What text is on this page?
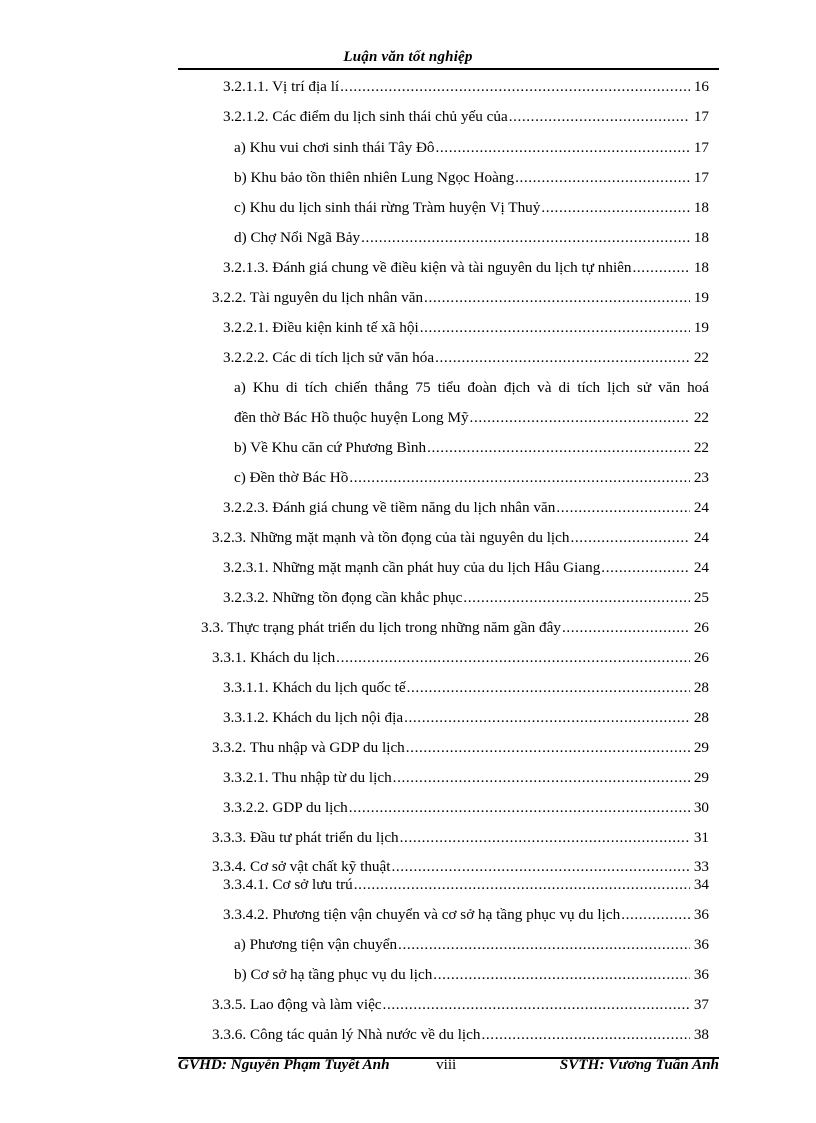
Luận văn tốt nghiệp
3.2.1.1. Vị trí địa lí .....	16
3.2.1.2. Các điểm du lịch sinh thái chủ yếu của .....	17
a) Khu vui chơi sinh thái Tây Đô .....	17
b) Khu bảo tồn thiên nhiên Lung Ngọc Hoàng .....	17
c) Khu du lịch sinh thái rừng Tràm huyện Vị Thuỷ .....	18
d) Chợ Nổi Ngã Bảy .....	18
3.2.1.3. Đánh giá chung về điều kiện và tài nguyên du lịch tự nhiên .....	18
3.2.2. Tài nguyên du lịch nhân văn .....	19
3.2.2.1. Điều kiện kinh tế xã hội .....	19
3.2.2.2. Các di tích lịch sử văn hóa .....	22
a) Khu di tích chiến thắng 75 tiểu đoàn địch và di tích lịch sử văn hoá
đền thờ Bác Hồ thuộc huyện Long Mỹ .....	22
b) Về Khu căn cứ Phương Bình .....	22
c) Đền thờ Bác Hồ .....	23
3.2.2.3. Đánh giá chung về tiềm năng du lịch nhân văn .....	24
3.2.3. Những mặt mạnh và tồn đọng của tài nguyên du lịch .....	24
3.2.3.1. Những mặt mạnh cần phát huy của du lịch Hâu Giang .....	24
3.2.3.2. Những tồn đọng cần khắc phục .....	25
3.3. Thực trạng phát triển du lịch trong những năm gần đây .....	26
3.3.1. Khách du lịch .....	26
3.3.1.1. Khách du lịch quốc tế .....	28
3.3.1.2. Khách du lịch nội địa .....	28
3.3.2. Thu nhập và GDP du lịch .....	29
3.3.2.1. Thu nhập từ du lịch .....	29
3.3.2.2. GDP du lịch .....	30
3.3.3. Đầu tư phát triển du lịch .....	31
3.3.4. Cơ sở vật chất kỹ thuật .....	33
3.3.4.1. Cơ sở lưu trú .....	34
3.3.4.2. Phương tiện vận chuyển và cơ sở hạ tầng phục vụ du lịch .....	36
a) Phương tiện vận chuyển .....	36
b) Cơ sở hạ tầng phục vụ du lịch .....	36
3.3.5. Lao động và làm việc .....	37
3.3.6. Công tác quản lý Nhà nước về du lịch .....	38
GVHD: Nguyễn Phạm Tuyết Anh	viii	SVTH: Vương Tuấn Anh
